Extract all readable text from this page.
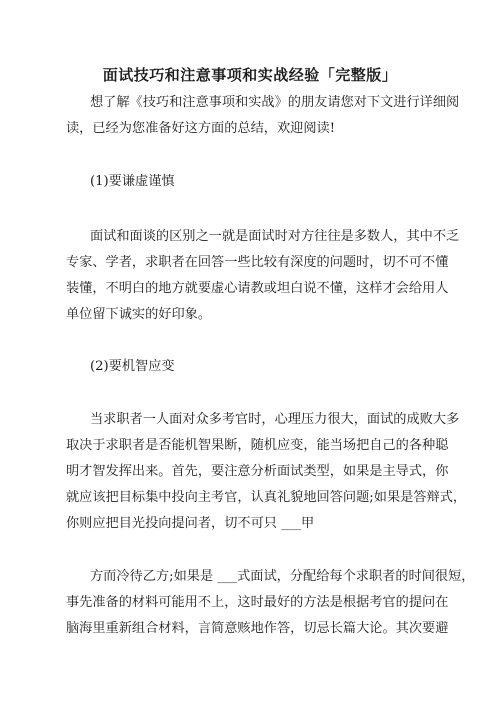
面试技巧和注意事项和实战经验「完整版」
想了解《技巧和注意事项和实战》的朋友请您对下文进行详细阅
读，已经为您准备好这方面的总结，欢迎阅读!
(1)要谦虚谨慎
面试和面谈的区别之一就是面试时对方往往是多数人，其中不乏
专家、学者，求职者在回答一些比较有深度的问题时，切不可不懂
装懂，不明白的地方就要虚心请教或坦白说不懂，这样才会给用人
单位留下诚实的好印象。
(2)要机智应变
当求职者一人面对众多考官时，心理压力很大，面试的成败大多
取决于求职者是否能机智果断，随机应变，能当场把自己的各种聪
明才智发挥出来。首先，要注意分析面试类型，如果是主导式，你
就应该把目标集中投向主考官，认真礼貌地回答问题;如果是答辩式，
你则应把目光投向提问者，切不可只 ___甲
方而冷待乙方;如果是 ___式面试，分配给每个求职者的时间很短，
事先准备的材料可能用不上，这时最好的方法是根据考官的提问在
脑海里重新组合材料，言简意赅地作答，切忌长篇大论。其次要避
